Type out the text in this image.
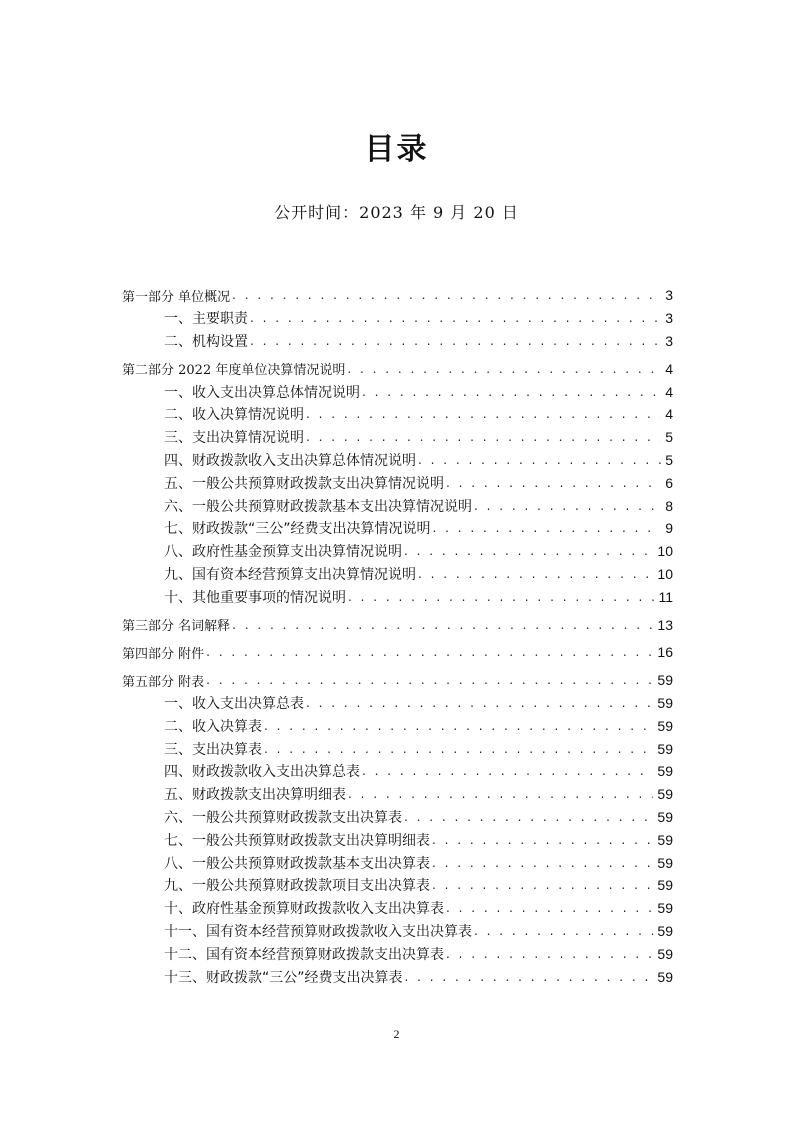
目录
公开时间：2023 年 9 月 20 日
第一部分 单位概况 . . .	3
一、主要职责 . . .	3
二、机构设置 . . .	3
第二部分 2022 年度单位决算情况说明 . . .	4
一、收入支出决算总体情况说明 . . .	4
二、收入决算情况说明 . . .	4
三、支出决算情况说明 . . .	5
四、财政拨款收入支出决算总体情况说明 . . .	5
五、一般公共预算财政拨款支出决算情况说明 . . .	6
六、一般公共预算财政拨款基本支出决算情况说明 . . .	8
七、财政拨款“三公”经费支出决算情况说明 . . .	9
八、政府性基金预算支出决算情况说明 . . .	10
九、国有资本经营预算支出决算情况说明 . . .	10
十、其他重要事项的情况说明 . . .	11
第三部分 名词解释 . . .	13
第四部分 附件 . . .	16
第五部分 附表 . . .	59
一、收入支出决算总表 . . .	59
二、收入决算表 . . .	59
三、支出决算表 . . .	59
四、财政拨款收入支出决算总表 . . .	59
五、财政拨款支出决算明细表 . . .	59
六、一般公共预算财政拨款支出决算表 . . .	59
七、一般公共预算财政拨款支出决算明细表 . . .	59
八、一般公共预算财政拨款基本支出决算表 . . .	59
九、一般公共预算财政拨款项目支出决算表 . . .	59
十、政府性基金预算财政拨款收入支出决算表 . . .	59
十一、国有资本经营预算财政拨款收入支出决算表 . . .	59
十二、国有资本经营预算财政拨款支出决算表 . . .	59
十三、财政拨款“三公”经费支出决算表 . . .	59
2
